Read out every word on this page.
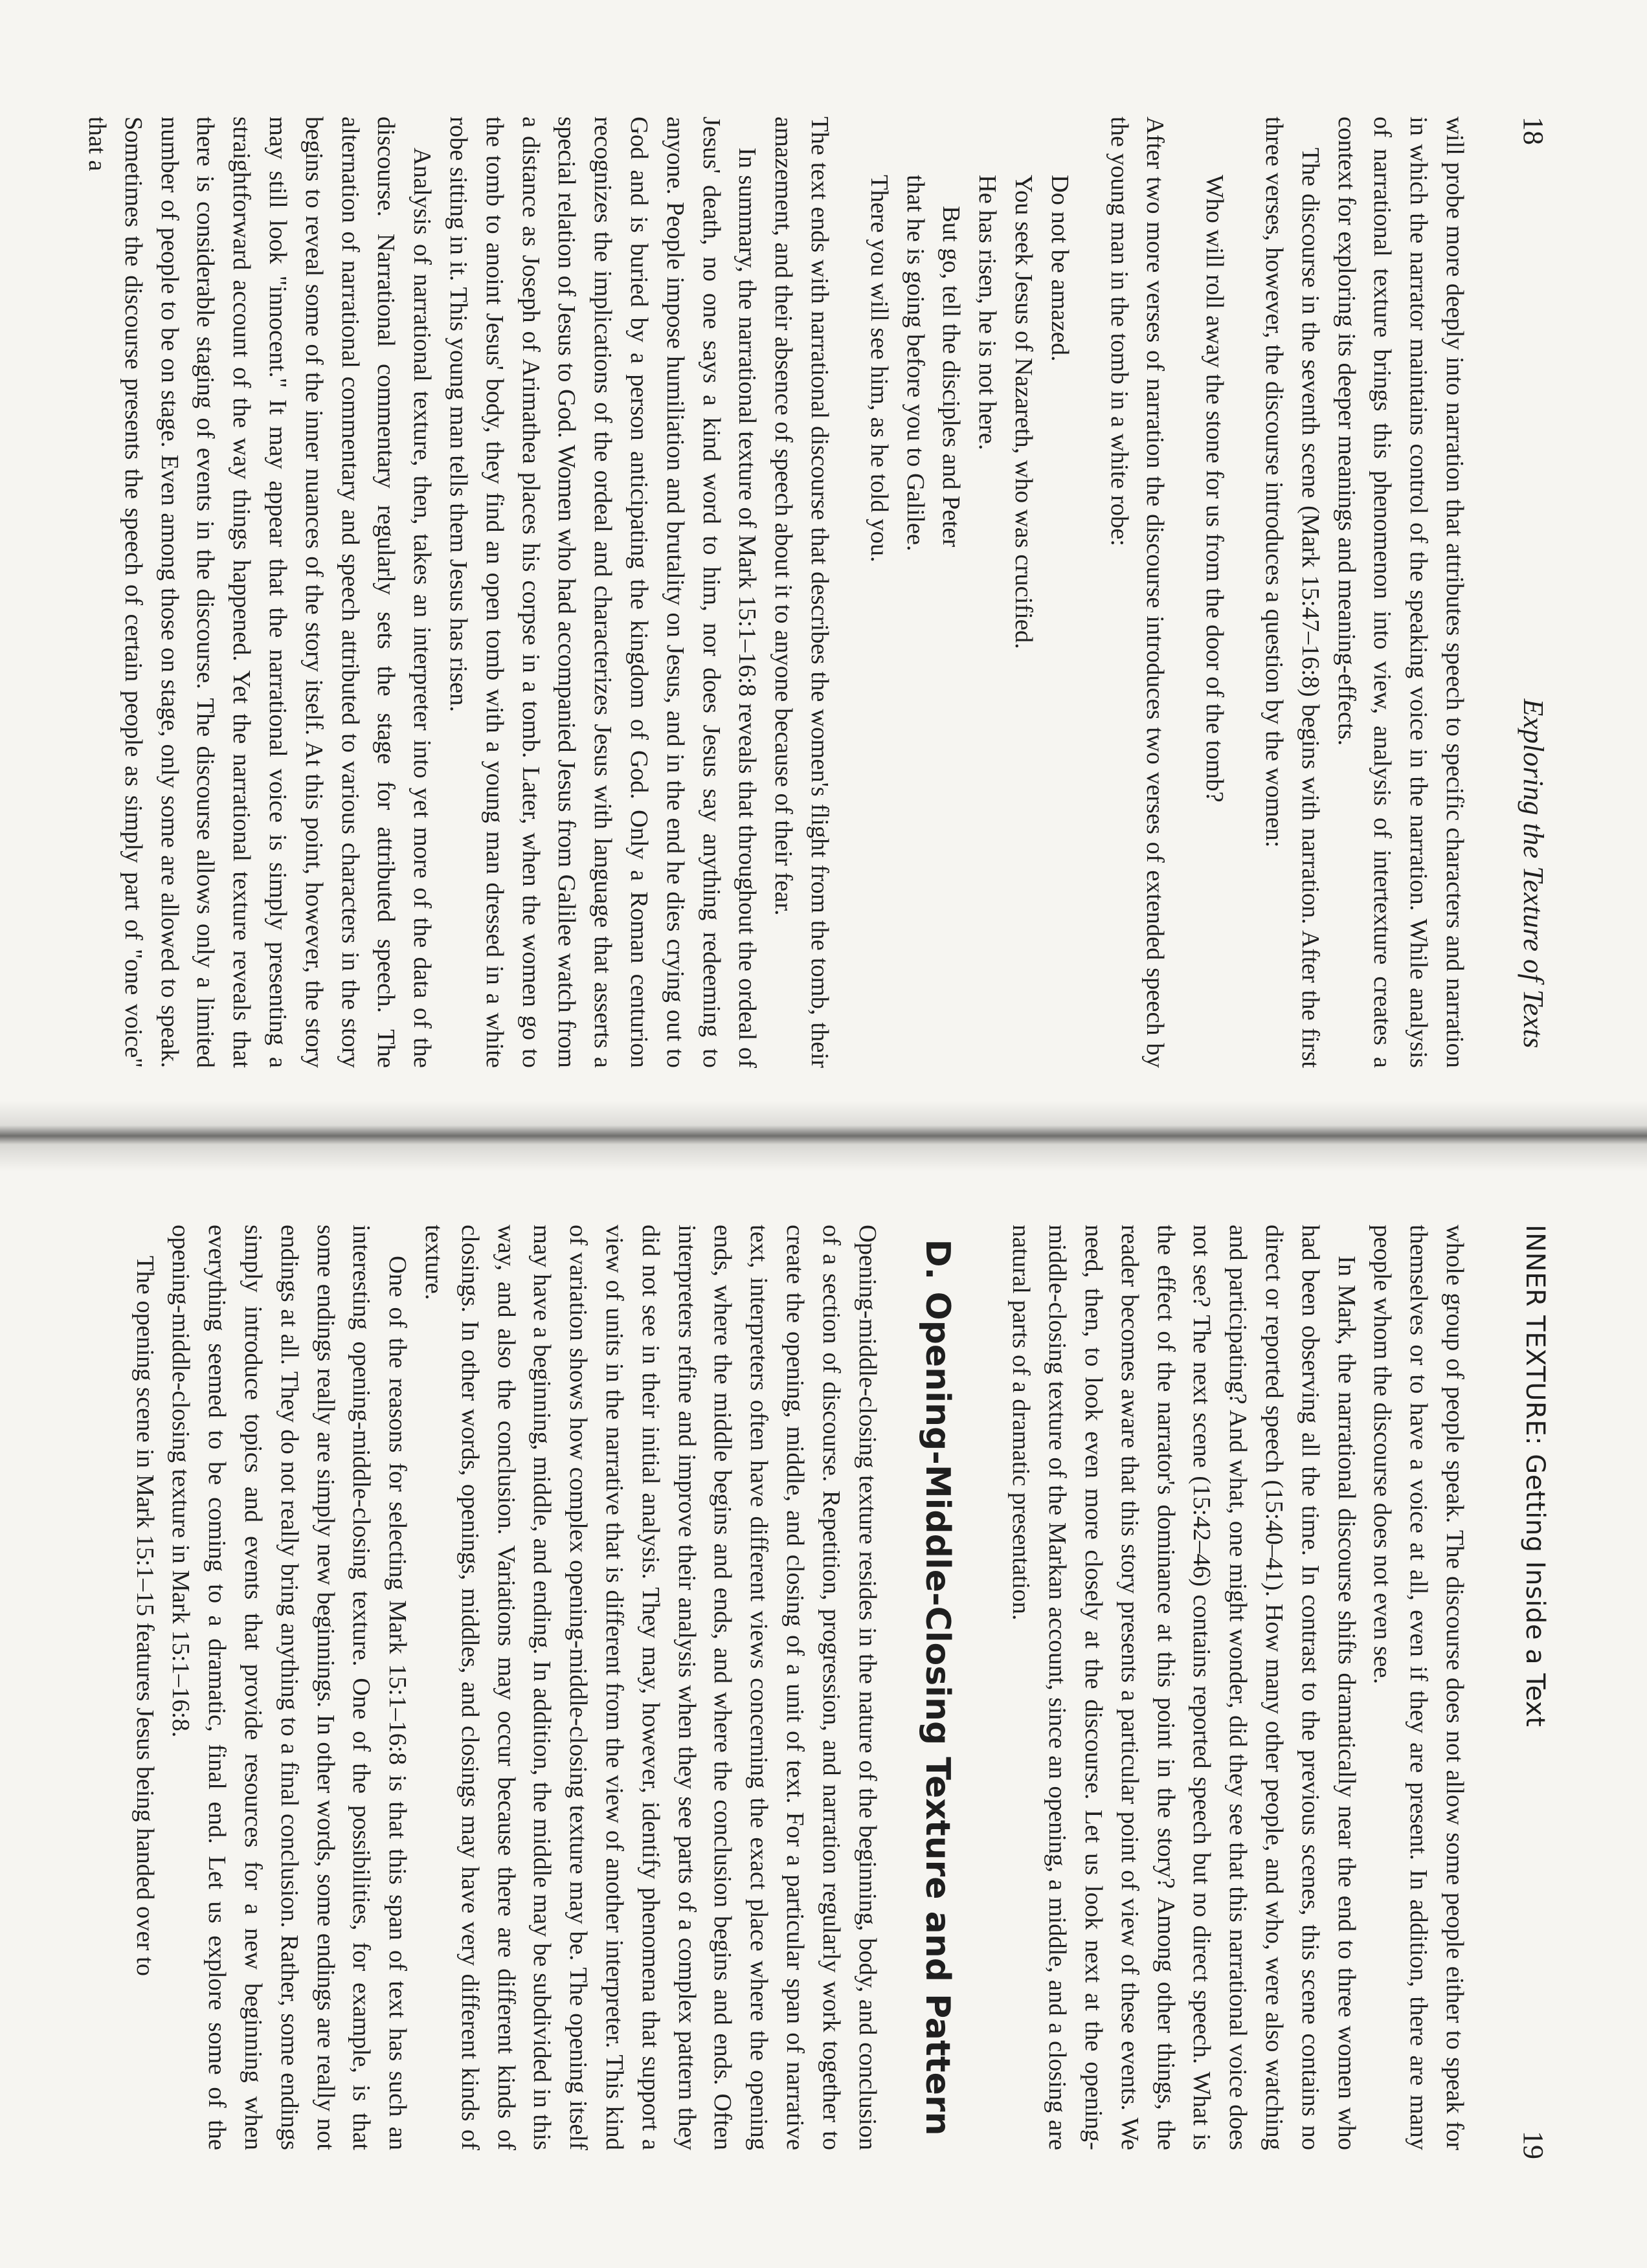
18
Exploring the Texture of Texts

will probe more deeply into narration that attributes speech to specific characters and narration in which the narrator maintains control of the speaking voice in the narration. While analysis of narrational texture brings this phenomenon into view, analysis of intertexture creates a context for exploring its deeper meanings and meaning-effects.

The discourse in the seventh scene (Mark 15:47–16:8) begins with narration. After the first three verses, however, the discourse introduces a question by the women:

Who will roll away the stone for us from the door of the tomb?

After two more verses of narration the discourse introduces two verses of extended speech by the young man in the tomb in a white robe:

Do not be amazed.
You seek Jesus of Nazareth, who was crucified.
He has risen, he is not here.
But go, tell the disciples and Peter
that he is going before you to Galilee.
There you will see him, as he told you.

The text ends with narrational discourse that describes the women's flight from the tomb, their amazement, and their absence of speech about it to anyone because of their fear.

In summary, the narrational texture of Mark 15:1–16:8 reveals that throughout the ordeal of Jesus' death, no one says a kind word to him, nor does Jesus say anything redeeming to anyone. People impose humiliation and brutality on Jesus, and in the end he dies crying out to God and is buried by a person anticipating the kingdom of God. Only a Roman centurion recognizes the implications of the ordeal and characterizes Jesus with language that asserts a special relation of Jesus to God. Women who had accompanied Jesus from Galilee watch from a distance as Joseph of Arimathea places his corpse in a tomb. Later, when the women go to the tomb to anoint Jesus' body, they find an open tomb with a young man dressed in a white robe sitting in it. This young man tells them Jesus has risen.

Analysis of narrational texture, then, takes an interpreter into yet more of the data of the discourse. Narrational commentary regularly sets the stage for attributed speech. The alternation of narrational commentary and speech attributed to various characters in the story begins to reveal some of the inner nuances of the story itself. At this point, however, the story may still look "innocent." It may appear that the narrational voice is simply presenting a straightforward account of the way things happened. Yet the narrational texture reveals that there is considerable staging of events in the discourse. The discourse allows only a limited number of people to be on stage. Even among those on stage, only some are allowed to speak. Sometimes the discourse presents the speech of certain people as simply part of "one voice" that a

INNER TEXTURE: Getting Inside a Text
19

whole group of people speak. The discourse does not allow some people either to speak for themselves or to have a voice at all, even if they are present. In addition, there are many people whom the discourse does not even see.

In Mark, the narrational discourse shifts dramatically near the end to three women who had been observing all the time. In contrast to the previous scenes, this scene contains no direct or reported speech (15:40–41). How many other people, and who, were also watching and participating? And what, one might wonder, did they see that this narrational voice does not see? The next scene (15:42–46) contains reported speech but no direct speech. What is the effect of the narrator's dominance at this point in the story? Among other things, the reader becomes aware that this story presents a particular point of view of these events. We need, then, to look even more closely at the discourse. Let us look next at the opening-middle-closing texture of the Markan account, since an opening, a middle, and a closing are natural parts of a dramatic presentation.

D. Opening-Middle-Closing Texture and Pattern

Opening-middle-closing texture resides in the nature of the beginning, body, and conclusion of a section of discourse. Repetition, progression, and narration regularly work together to create the opening, middle, and closing of a unit of text. For a particular span of narrative text, interpreters often have different views concerning the exact place where the opening ends, where the middle begins and ends, and where the conclusion begins and ends. Often interpreters refine and improve their analysis when they see parts of a complex pattern they did not see in their initial analysis. They may, however, identify phenomena that support a view of units in the narrative that is different from the view of another interpreter. This kind of variation shows how complex opening-middle-closing texture may be. The opening itself may have a beginning, middle, and ending. In addition, the middle may be subdivided in this way, and also the conclusion. Variations may occur because there are different kinds of closings. In other words, openings, middles, and closings may have very different kinds of texture.

One of the reasons for selecting Mark 15:1–16:8 is that this span of text has such an interesting opening-middle-closing texture. One of the possibilities, for example, is that some endings really are simply new beginnings. In other words, some endings are really not endings at all. They do not really bring anything to a final conclusion. Rather, some endings simply introduce topics and events that provide resources for a new beginning when everything seemed to be coming to a dramatic, final end. Let us explore some of the opening-middle-closing texture in Mark 15:1–16:8.

The opening scene in Mark 15:1–15 features Jesus being handed over to
